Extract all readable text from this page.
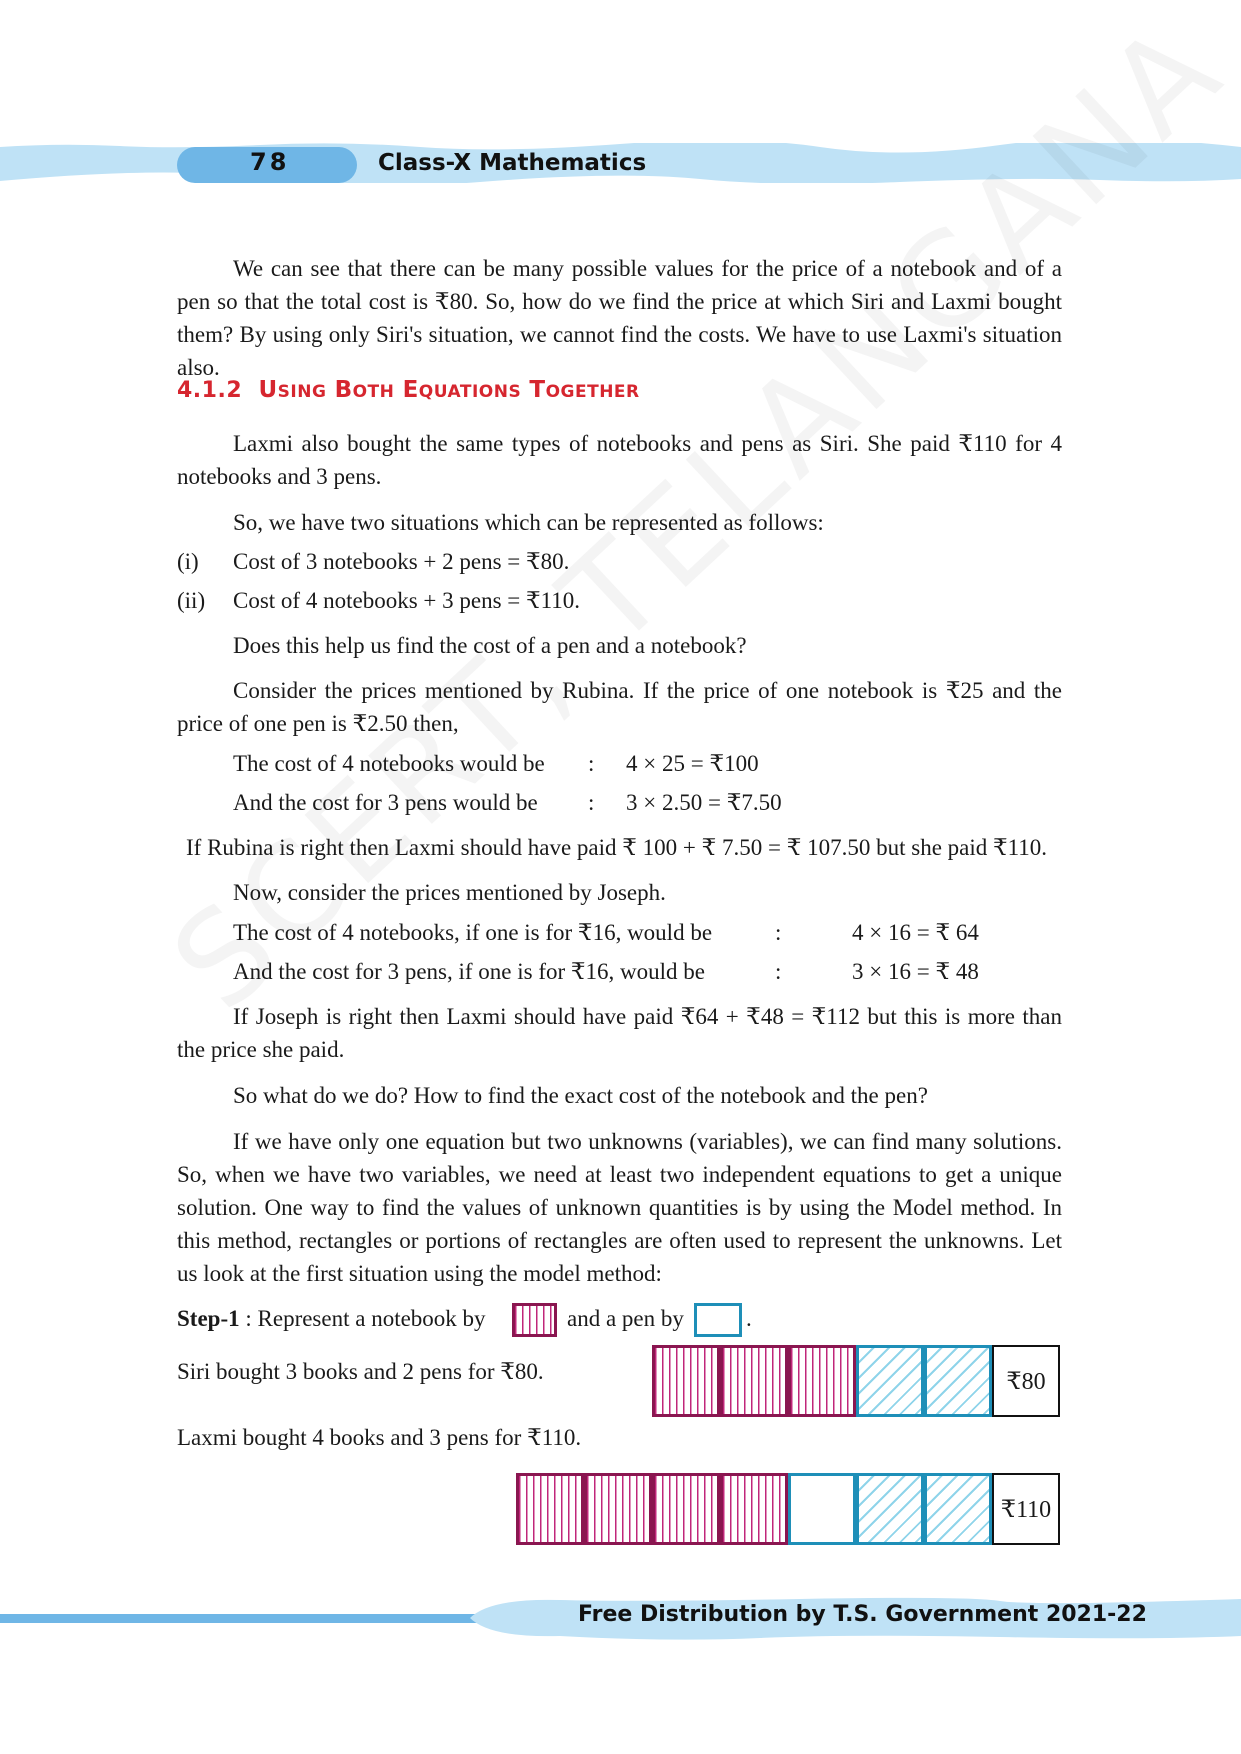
78	Class-X Mathematics
We can see that there can be many possible values for the price of a notebook and of a pen so that the total cost is ₹80. So, how do we find the price at which Siri and Laxmi bought them? By using only Siri's situation, we cannot find the costs. We have to use Laxmi's situation also.
4.1.2 USING BOTH EQUATIONS TOGETHER
Laxmi also bought the same types of notebooks and pens as Siri. She paid ₹110 for 4 notebooks and 3 pens.
So, we have two situations which can be represented as follows:
(i) Cost of 3 notebooks + 2 pens = ₹80.
(ii) Cost of 4 notebooks + 3 pens = ₹110.
Does this help us find the cost of a pen and a notebook?
Consider the prices mentioned by Rubina. If the price of one notebook is ₹25 and the price of one pen is ₹2.50 then,
The cost of 4 notebooks would be : 4 × 25 = ₹100
And the cost for 3 pens would be : 3 × 2.50 = ₹7.50
If Rubina is right then Laxmi should have paid ₹ 100 + ₹ 7.50 = ₹ 107.50 but she paid ₹110.
Now, consider the prices mentioned by Joseph.
The cost of 4 notebooks, if one is for ₹16, would be	:	4 × 16 = ₹ 64
And the cost for 3 pens, if one is for ₹16, would be	:	3 × 16 = ₹ 48
If Joseph is right then Laxmi should have paid ₹64 + ₹48 = ₹112 but this is more than the price she paid.
So what do we do? How to find the exact cost of the notebook and the pen?
If we have only one equation but two unknowns (variables), we can find many solutions. So, when we have two variables, we need at least two independent equations to get a unique solution. One way to find the values of unknown quantities is by using the Model method. In this method, rectangles or portions of rectangles are often used to represent the unknowns. Let us look at the first situation using the model method:
Step-1 : Represent a notebook by	and a pen by	.
Siri bought 3 books and 2 pens for ₹80.
Laxmi bought 4 books and 3 pens for ₹110.
₹80
₹110
Free Distribution by T.S. Government 2021-22
